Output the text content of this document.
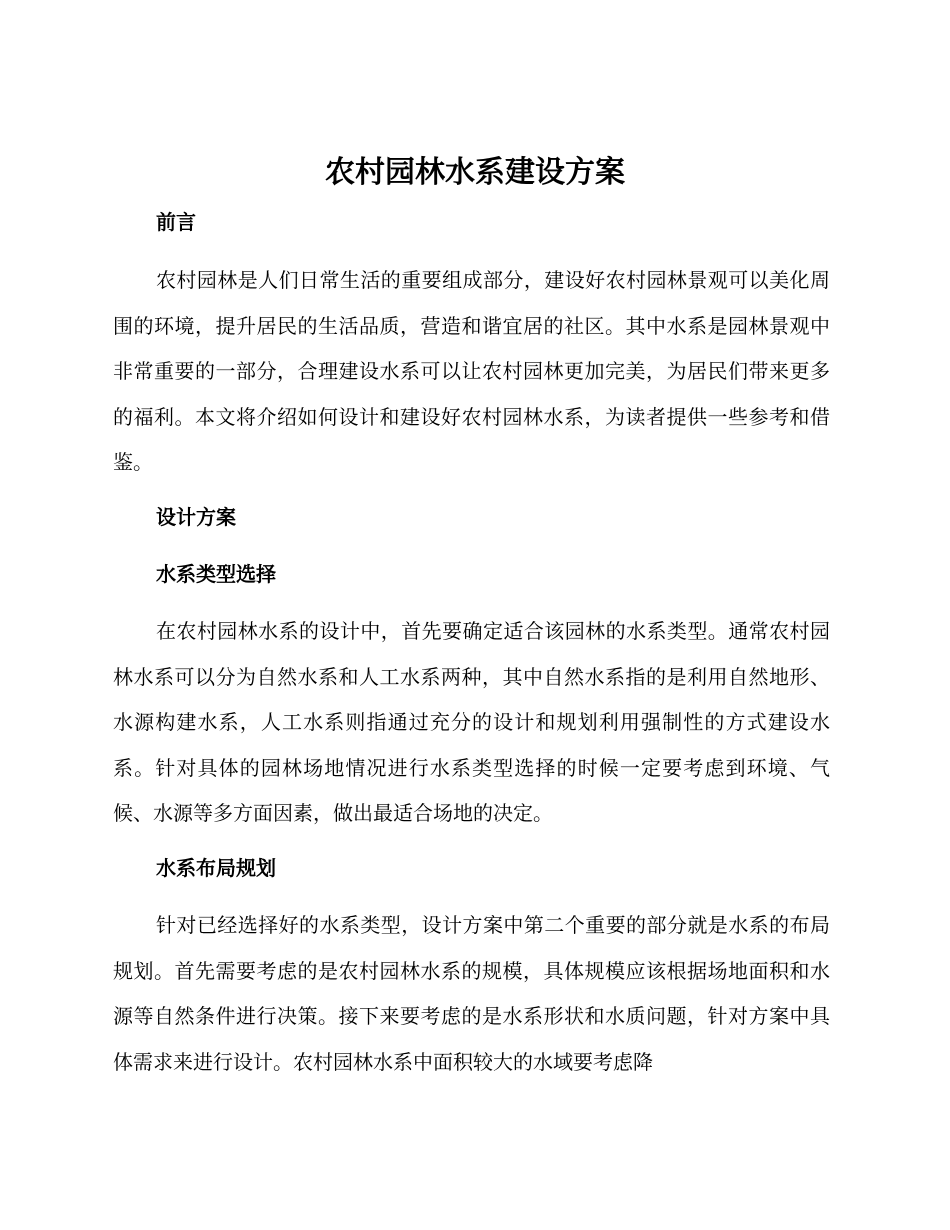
农村园林水系建设方案
前言

农村园林是人们日常生活的重要组成部分，建设好农村园林景观可以美化周围的环境，提升居民的生活品质，营造和谐宜居的社区。其中水系是园林景观中非常重要的一部分，合理建设水系可以让农村园林更加完美，为居民们带来更多的福利。本文将介绍如何设计和建设好农村园林水系，为读者提供一些参考和借鉴。

设计方案
水系类型选择

在农村园林水系的设计中，首先要确定适合该园林的水系类型。通常农村园林水系可以分为自然水系和人工水系两种，其中自然水系指的是利用自然地形、水源构建水系，人工水系则指通过充分的设计和规划利用强制性的方式建设水系。针对具体的园林场地情况进行水系类型选择的时候一定要考虑到环境、气候、水源等多方面因素，做出最适合场地的决定。

水系布局规划

针对已经选择好的水系类型，设计方案中第二个重要的部分就是水系的布局规划。首先需要考虑的是农村园林水系的规模，具体规模应该根据场地面积和水源等自然条件进行决策。接下来要考虑的是水系形状和水质问题，针对方案中具体需求来进行设计。农村园林水系中面积较大的水域要考虑降
